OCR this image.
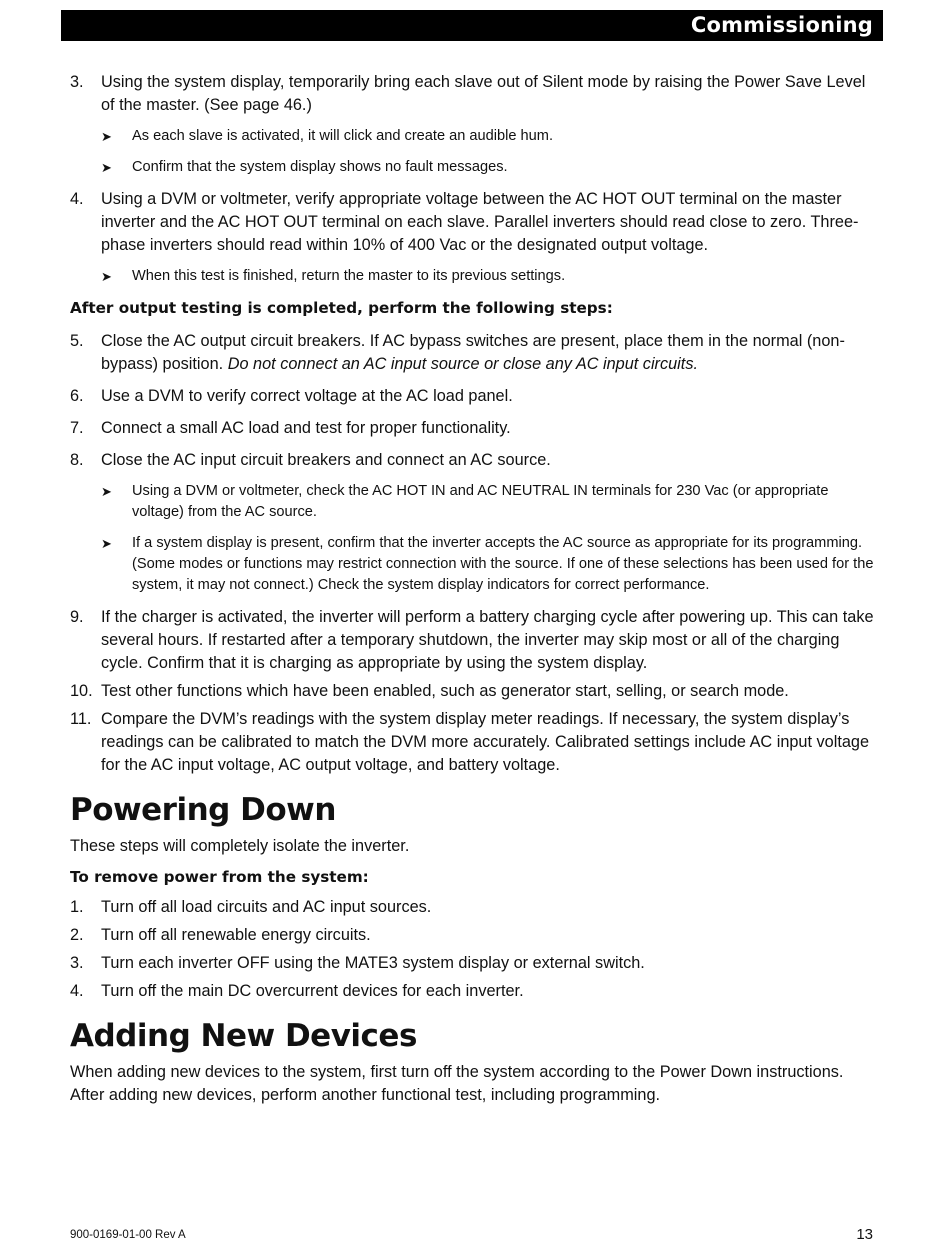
Commissioning
3. Using the system display, temporarily bring each slave out of Silent mode by raising the Power Save Level of the master. (See page 46.)
➤ As each slave is activated, it will click and create an audible hum.
➤ Confirm that the system display shows no fault messages.
4. Using a DVM or voltmeter, verify appropriate voltage between the AC HOT OUT terminal on the master inverter and the AC HOT OUT terminal on each slave. Parallel inverters should read close to zero. Three-phase inverters should read within 10% of 400 Vac or the designated output voltage.
➤ When this test is finished, return the master to its previous settings.
After output testing is completed, perform the following steps:
5. Close the AC output circuit breakers. If AC bypass switches are present, place them in the normal (non-bypass) position. Do not connect an AC input source or close any AC input circuits.
6. Use a DVM to verify correct voltage at the AC load panel.
7. Connect a small AC load and test for proper functionality.
8. Close the AC input circuit breakers and connect an AC source.
➤ Using a DVM or voltmeter, check the AC HOT IN and AC NEUTRAL IN terminals for 230 Vac (or appropriate voltage) from the AC source.
➤ If a system display is present, confirm that the inverter accepts the AC source as appropriate for its programming. (Some modes or functions may restrict connection with the source. If one of these selections has been used for the system, it may not connect.) Check the system display indicators for correct performance.
9. If the charger is activated, the inverter will perform a battery charging cycle after powering up. This can take several hours. If restarted after a temporary shutdown, the inverter may skip most or all of the charging cycle. Confirm that it is charging as appropriate by using the system display.
10. Test other functions which have been enabled, such as generator start, selling, or search mode.
11. Compare the DVM’s readings with the system display meter readings. If necessary, the system display’s readings can be calibrated to match the DVM more accurately. Calibrated settings include AC input voltage for the AC input voltage, AC output voltage, and battery voltage.
Powering Down
These steps will completely isolate the inverter.
To remove power from the system:
1. Turn off all load circuits and AC input sources.
2. Turn off all renewable energy circuits.
3. Turn each inverter OFF using the MATE3 system display or external switch.
4. Turn off the main DC overcurrent devices for each inverter.
Adding New Devices
When adding new devices to the system, first turn off the system according to the Power Down instructions. After adding new devices, perform another functional test, including programming.
900-0169-01-00 Rev A	13
